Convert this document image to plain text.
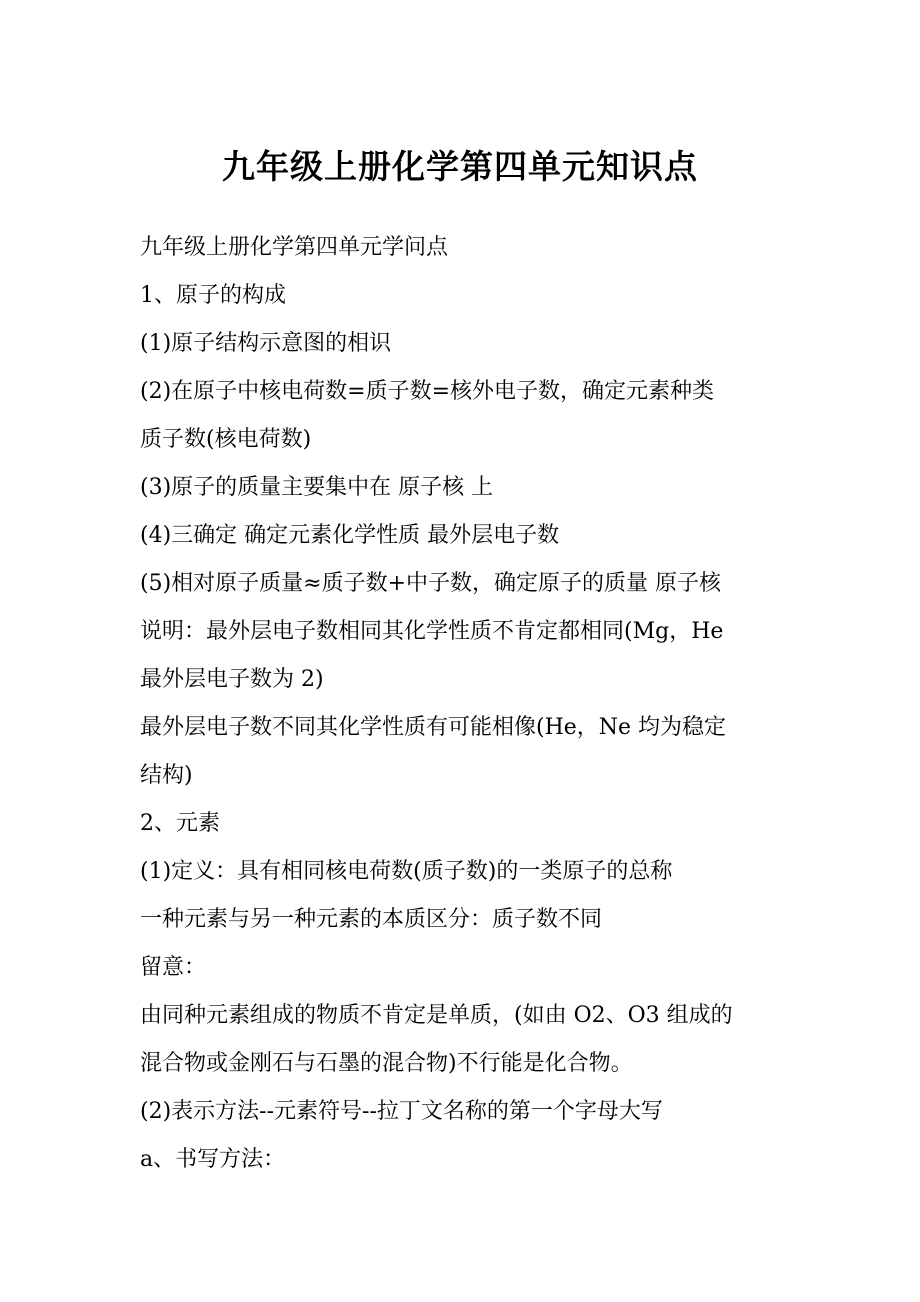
九年级上册化学第四单元知识点
九年级上册化学第四单元学问点
1、原子的构成
(1)原子结构示意图的相识
(2)在原子中核电荷数=质子数=核外电子数，确定元素种类
质子数(核电荷数)
(3)原子的质量主要集中在 原子核 上
(4)三确定 确定元素化学性质 最外层电子数
(5)相对原子质量≈质子数+中子数，确定原子的质量 原子核
说明：最外层电子数相同其化学性质不肯定都相同(Mg，He
最外层电子数为 2)
最外层电子数不同其化学性质有可能相像(He，Ne 均为稳定
结构)
2、元素
(1)定义：具有相同核电荷数(质子数)的一类原子的总称
一种元素与另一种元素的本质区分：质子数不同
留意：
由同种元素组成的物质不肯定是单质，(如由 O2、O3 组成的
混合物或金刚石与石墨的混合物)不行能是化合物。
(2)表示方法--元素符号--拉丁文名称的第一个字母大写
a、书写方法：
